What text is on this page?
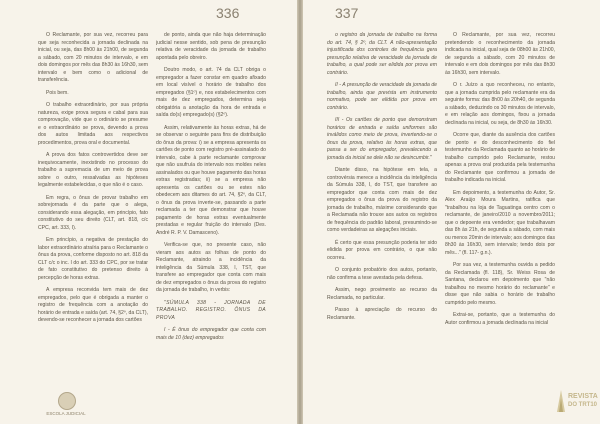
336

O Reclamante, por sua vez, recorreu para que seja reconhecida a jornada declinada na inicial, ou seja, das 8h00 às 21h00, de segunda a sábado, com 20 minutos de intervalo, e em dois domingos por mês das 8h30 às 16h30, sem intervalo e bem como o adicional de transferência.

Pois bem.

O trabalho extraordinário, por sua própria natureza, exige prova segura e cabal para sua comprovação, vide que o ordinário se presume e o extraordinário se prova, devendo a prova dos autos limitada aos respectivos procedimentos, prova oral e documental.

A prova dos fatos controvertidos deve ser inequivocamente, inexistindo no processo do trabalho a supremacia de um meio de prova sobre o outro, ressalvadas as hipóteses legalmente estabelecidas, o que não é o caso.

Em regra, o ônus de provar trabalho em sobrejornada é da parte que o alega, considerando essa alegação, em princípio, fato constitutivo do seu direito (CLT, art. 818, c/c CPC, art. 333, I).

Em princípio, a negativa de prestação do labor extraordinário atraíria para o Reclamante o ônus da prova, conforme disposto no art. 818 da CLT c/c o inc. I do art. 333 do CPC, por se tratar de fato constitutivo do pretenso direito à percepção de horas extras.

A empresa reconvida tem mais de dez empregados, pelo que é obrigada a manter o registro de frequência com a anotação do horário de entrada e saída (art. 74, §2º, da CLT), devendo-se reconhecer a jornada dos cartões

de ponto, ainda que não haja determinação judicial nesse sentido, sob pena de presunção relativa de veracidade da jornada de trabalho apontada pelo obreiro.

Doutro modo, o art. 74 da CLT obriga o empregador a fazer constar em quadro afixado em local visível o horário de trabalho dos empregados (§1º) e, nos estabelecimentos com mais de dez empregados, determina seja obrigatória a anotação da hora de entrada e saída do(s) empregado(s) (§2º).

Assim, relativamente às horas extras, há de se observar o seguinte para fins de distribuição do ônus da prova: i) se a empresa apresenta os cartões de ponto com registro pré-assinalado do intervalo, cabe à parte reclamante comprovar que não usufruía do intervalo nos moldes neles assinalados ou que houve pagamento das horas extras registradas; ii) se a empresa não apresenta os cartões ou se estes não obedecem aos ditames do art. 74, §2º, da CLT, o ônus da prova inverte-se, passando a parte reclamada a ter que demonstrar que houve pagamento de horas extras eventualmente prestadas e regular fruição do intervalo (Des. André R. P. V. Damasceno).

Verifica-se que, no presente caso, não vieram aos autos as folhas de ponto do Reclamante, atraindo a incidência da inteligência da Súmula 338, I, TST, que transfere ao empregador que conta com mais de dez empregados o ônus da prova do registro da jornada de trabalho, in verbis:

"SÚMULA 338 - JORNADA DE TRABALHO. REGISTRO. ÔNUS DA PROVA

I - É ônus do empregador que conta com mais de 10 (dez) empregados

ESCOLA JUDICIAL
337

o registro da jornada de trabalho na forma do art. 74, § 2º, da CLT. A não-apresentação injustificada dos controles de frequência gera presunção relativa de veracidade da jornada de trabalho, a qual pode ser elidida por prova em contrário.

II - A presunção de veracidade da jornada de trabalho, ainda que prevista em instrumento normativo, pode ser elidida por prova em contrário.

III - Os cartões de ponto que demonstram horários de entrada e saída uniformes são inválidos como meio de prova, invertendo-se o ônus da prova, relativo às horas extras, que passa a ser do empregador, prevalecendo a jornada da inicial se dele não se desincumbir."

Diante disso, na hipótese em tela, a controvérsia merece a incidência da inteligência da Súmula 338, I, do TST, que transfere ao empregador que conta com mais de dez empregados o ônus da prova do registro da jornada de trabalho, máxime considerando que a Reclamada não trouxe aos autos os registros de frequência do padrão laboral, presumindo-se como verdadeiras as alegações iniciais.

É certo que essa presunção poderia ter sido elidida por prova em contrário, o que não ocorreu.

O conjunto probatório dos autos, portanto, não confirma a tese avestada pela defesa.

Assim, nego provimento ao recurso da Reclamada, no particular.

Passo à apreciação do recurso do Reclamante.

O Reclamante, por sua vez, recorreu pretendendo o reconhecimento da jornada indicada na inicial, qual seja de 08h00 às 21h00, de segunda a sábado, com 20 minutos de intervalo e em dois domingos por mês das 8h30 às 16h30, sem intervalo.

O r. Juízo a quo reconheceu, no entanto, que a jornada cumprida pelo reclamante era da seguinte forma: das 8h00 às 20h40, de segunda a sábado, deduzindo os 30 minutos de intervalo, e em relação aos domingos, fixou a jornada declinada na inicial, ou seja, de 8h30 às 16h30.

Ocorre que, diante da ausência dos cartões de ponto e do desconhecimento do fiel testemunho da Reclamada quanto ao horário de trabalho cumprido pelo Reclamante, restou apenas a prova oral produzida pela testemunha do Reclamante que confirmou a jornada de trabalho indicada na inicial.

Em depoimento, a testemunha do Autor, Sr. Alex Araújo Moura Martins, ratifica que "trabalhou na loja de Taguatinga centro com o reclamante, de janeiro/2010 a novembro/2011; que o depoente era vendedor; que trabalhavam das 8h às 21h, de segunda a sábado, com mais ou menos 20min de intervalo; aos domingos das 8h30 às 16h30, sem intervalo; tendo dois por mês..." (fl. 117- g.n.).

Por sua vez, a testemunha ouvida a pedido da Reclamada (fl. 118), Sr. Weiss Rosa de Santana, declarou em depoimento que "não trabalhou no mesmo horário do reclamante" e disse que não sabia o horário de trabalho cumprido pelo mesmo.

Extrai-se, portanto, que a testemunha do Autor confirmou a jornada declinada na inicial

REVISTA
DO TRT10
